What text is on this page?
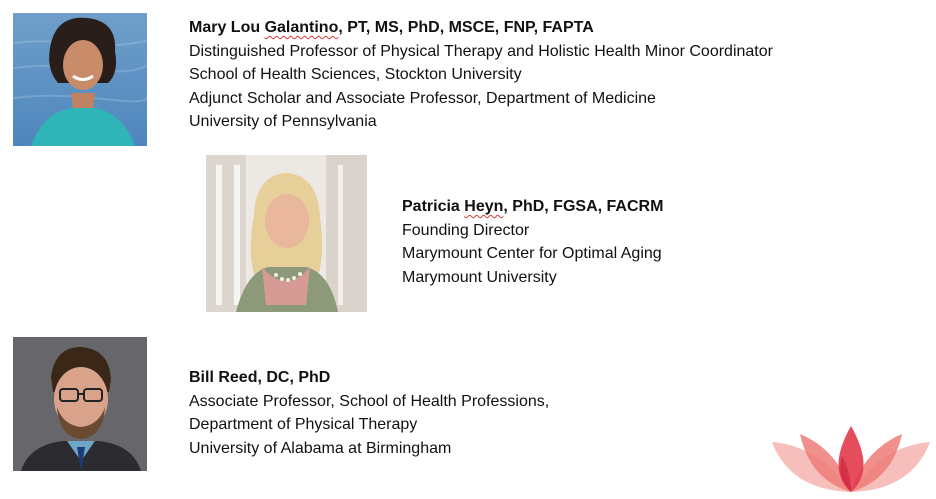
Mary Lou Galantino, PT, MS, PhD, MSCE, FNP, FAPTA
Distinguished Professor of Physical Therapy and Holistic Health Minor Coordinator
School of Health Sciences, Stockton University
Adjunct Scholar and Associate Professor, Department of Medicine
University of Pennsylvania
Patricia Heyn, PhD, FGSA, FACRM
Founding Director
Marymount Center for Optimal Aging
Marymount University
Bill Reed, DC, PhD
Associate Professor, School of Health Professions,
Department of Physical Therapy
University of Alabama at Birmingham
